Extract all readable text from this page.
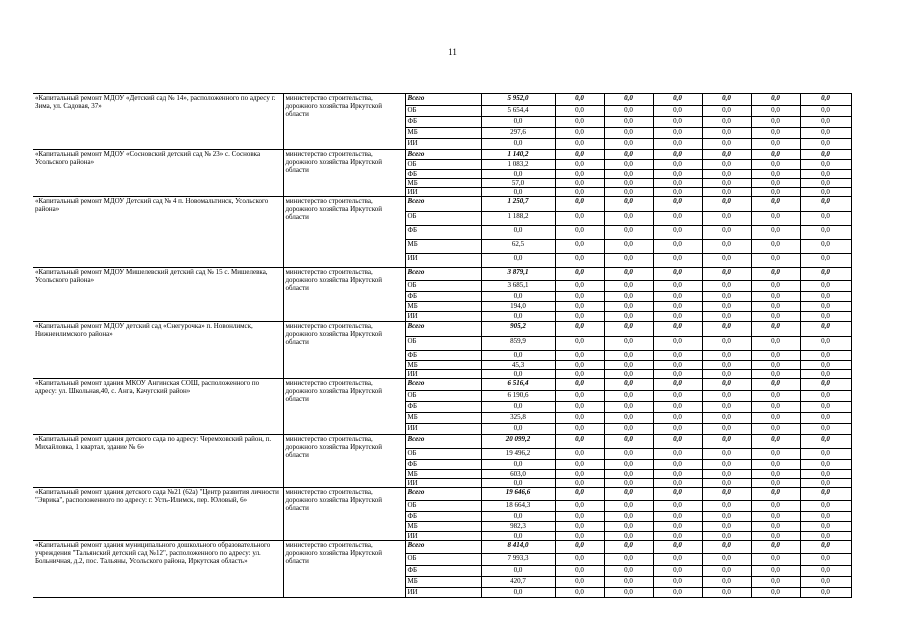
11
«Капитальный ремонт МДОУ «Детский сад № 14», расположенного по адресу г. Зима, ул. Садовая, 37»	министерство строительства, дорожного хозяйства Иркутской области	Всего	5 952,0	0,0	0,0	0,0	0,0	0,0	0,0
		ОБ	5 654,4	0,0	0,0	0,0	0,0	0,0	0,0
		ФБ	0,0	0,0	0,0	0,0	0,0	0,0	0,0
		МБ	297,6	0,0	0,0	0,0	0,0	0,0	0,0
		ИИ	0,0	0,0	0,0	0,0	0,0	0,0	0,0
«Капитальный ремонт МДОУ «Сосновский детский сад № 23» с. Сосновка Усольского района»	министерство строительства, дорожного хозяйства Иркутской области	Всего	1 140,2	0,0	0,0	0,0	0,0	0,0	0,0
		ОБ	1 083,2	0,0	0,0	0,0	0,0	0,0	0,0
		ФБ	0,0	0,0	0,0	0,0	0,0	0,0	0,0
		МБ	57,0	0,0	0,0	0,0	0,0	0,0	0,0
		ИИ	0,0	0,0	0,0	0,0	0,0	0,0	0,0
«Капитальный ремонт МДОУ Детский сад № 4 п. Новомальтинск, Усольского района»	министерство строительства, дорожного хозяйства Иркутской области	Всего	1 250,7	0,0	0,0	0,0	0,0	0,0	0,0
		ОБ	1 188,2	0,0	0,0	0,0	0,0	0,0	0,0
		ФБ	0,0	0,0	0,0	0,0	0,0	0,0	0,0
		МБ	62,5	0,0	0,0	0,0	0,0	0,0	0,0
		ИИ	0,0	0,0	0,0	0,0	0,0	0,0	0,0
«Капитальный ремонт МДОУ Мишелевский детский сад № 15 с. Мишелевка, Усольского района»	министерство строительства, дорожного хозяйства Иркутской области	Всего	3 879,1	0,0	0,0	0,0	0,0	0,0	0,0
		ОБ	3 685,1	0,0	0,0	0,0	0,0	0,0	0,0
		ФБ	0,0	0,0	0,0	0,0	0,0	0,0	0,0
		МБ	194,0	0,0	0,0	0,0	0,0	0,0	0,0
		ИИ	0,0	0,0	0,0	0,0	0,0	0,0	0,0
«Капитальный ремонт МДОУ детский сад «Снегурочка» п. Новонлимск, Нижнеилимского района»	министерство строительства, дорожного хозяйства Иркутской области	Всего	905,2	0,0	0,0	0,0	0,0	0,0	0,0
		ОБ	859,9	0,0	0,0	0,0	0,0	0,0	0,0
		ФБ	0,0	0,0	0,0	0,0	0,0	0,0	0,0
		МБ	45,3	0,0	0,0	0,0	0,0	0,0	0,0
		ИИ	0,0	0,0	0,0	0,0	0,0	0,0	0,0
«Капитальный ремонт здания МКОУ Ангинская СОШ, расположенного по адресу: ул. Школьная,40, с. Анга, Качугский район»	министерство строительства, дорожного хозяйства Иркутской области	Всего	6 516,4	0,0	0,0	0,0	0,0	0,0	0,0
		ОБ	6 190,6	0,0	0,0	0,0	0,0	0,0	0,0
		ФБ	0,0	0,0	0,0	0,0	0,0	0,0	0,0
		МБ	325,8	0,0	0,0	0,0	0,0	0,0	0,0
		ИИ	0,0	0,0	0,0	0,0	0,0	0,0	0,0
«Капитальный ремонт здания детского сада по адресу: Черемховский район, п. Михайловка, 1 квартал, здание № 6»	министерство строительства, дорожного хозяйства Иркутской области	Всего	20 099,2	0,0	0,0	0,0	0,0	0,0	0,0
		ОБ	19 496,2	0,0	0,0	0,0	0,0	0,0	0,0
		ФБ	0,0	0,0	0,0	0,0	0,0	0,0	0,0
		МБ	603,0	0,0	0,0	0,0	0,0	0,0	0,0
		ИИ	0,0	0,0	0,0	0,0	0,0	0,0	0,0
«Капитальный ремонт здания детского сада №21 (62а) "Центр развития личности "Эврика", расположенного по адресу: г. Усть-Илимск, пер. Юловый, 6»	министерство строительства, дорожного хозяйства Иркутской области	Всего	19 646,6	0,0	0,0	0,0	0,0	0,0	0,0
		ОБ	18 664,3	0,0	0,0	0,0	0,0	0,0	0,0
		ФБ	0,0	0,0	0,0	0,0	0,0	0,0	0,0
		МБ	982,3	0,0	0,0	0,0	0,0	0,0	0,0
		ИИ	0,0	0,0	0,0	0,0	0,0	0,0	0,0
«Капитальный ремонт здания муниципального дошкольного образовательного учреждения "Тальянский детский сад №12", расположенного по адресу: ул. Больничная, д.2, пос. Тальяны, Усольского района, Иркутская область»	министерство строительства, дорожного хозяйства Иркутской области	Всего	8 414,0	0,0	0,0	0,0	0,0	0,0	0,0
		ОБ	7 993,3	0,0	0,0	0,0	0,0	0,0	0,0
		ФБ	0,0	0,0	0,0	0,0	0,0	0,0	0,0
		МБ	420,7	0,0	0,0	0,0	0,0	0,0	0,0
		ИИ	0,0	0,0	0,0	0,0	0,0	0,0	0,0
